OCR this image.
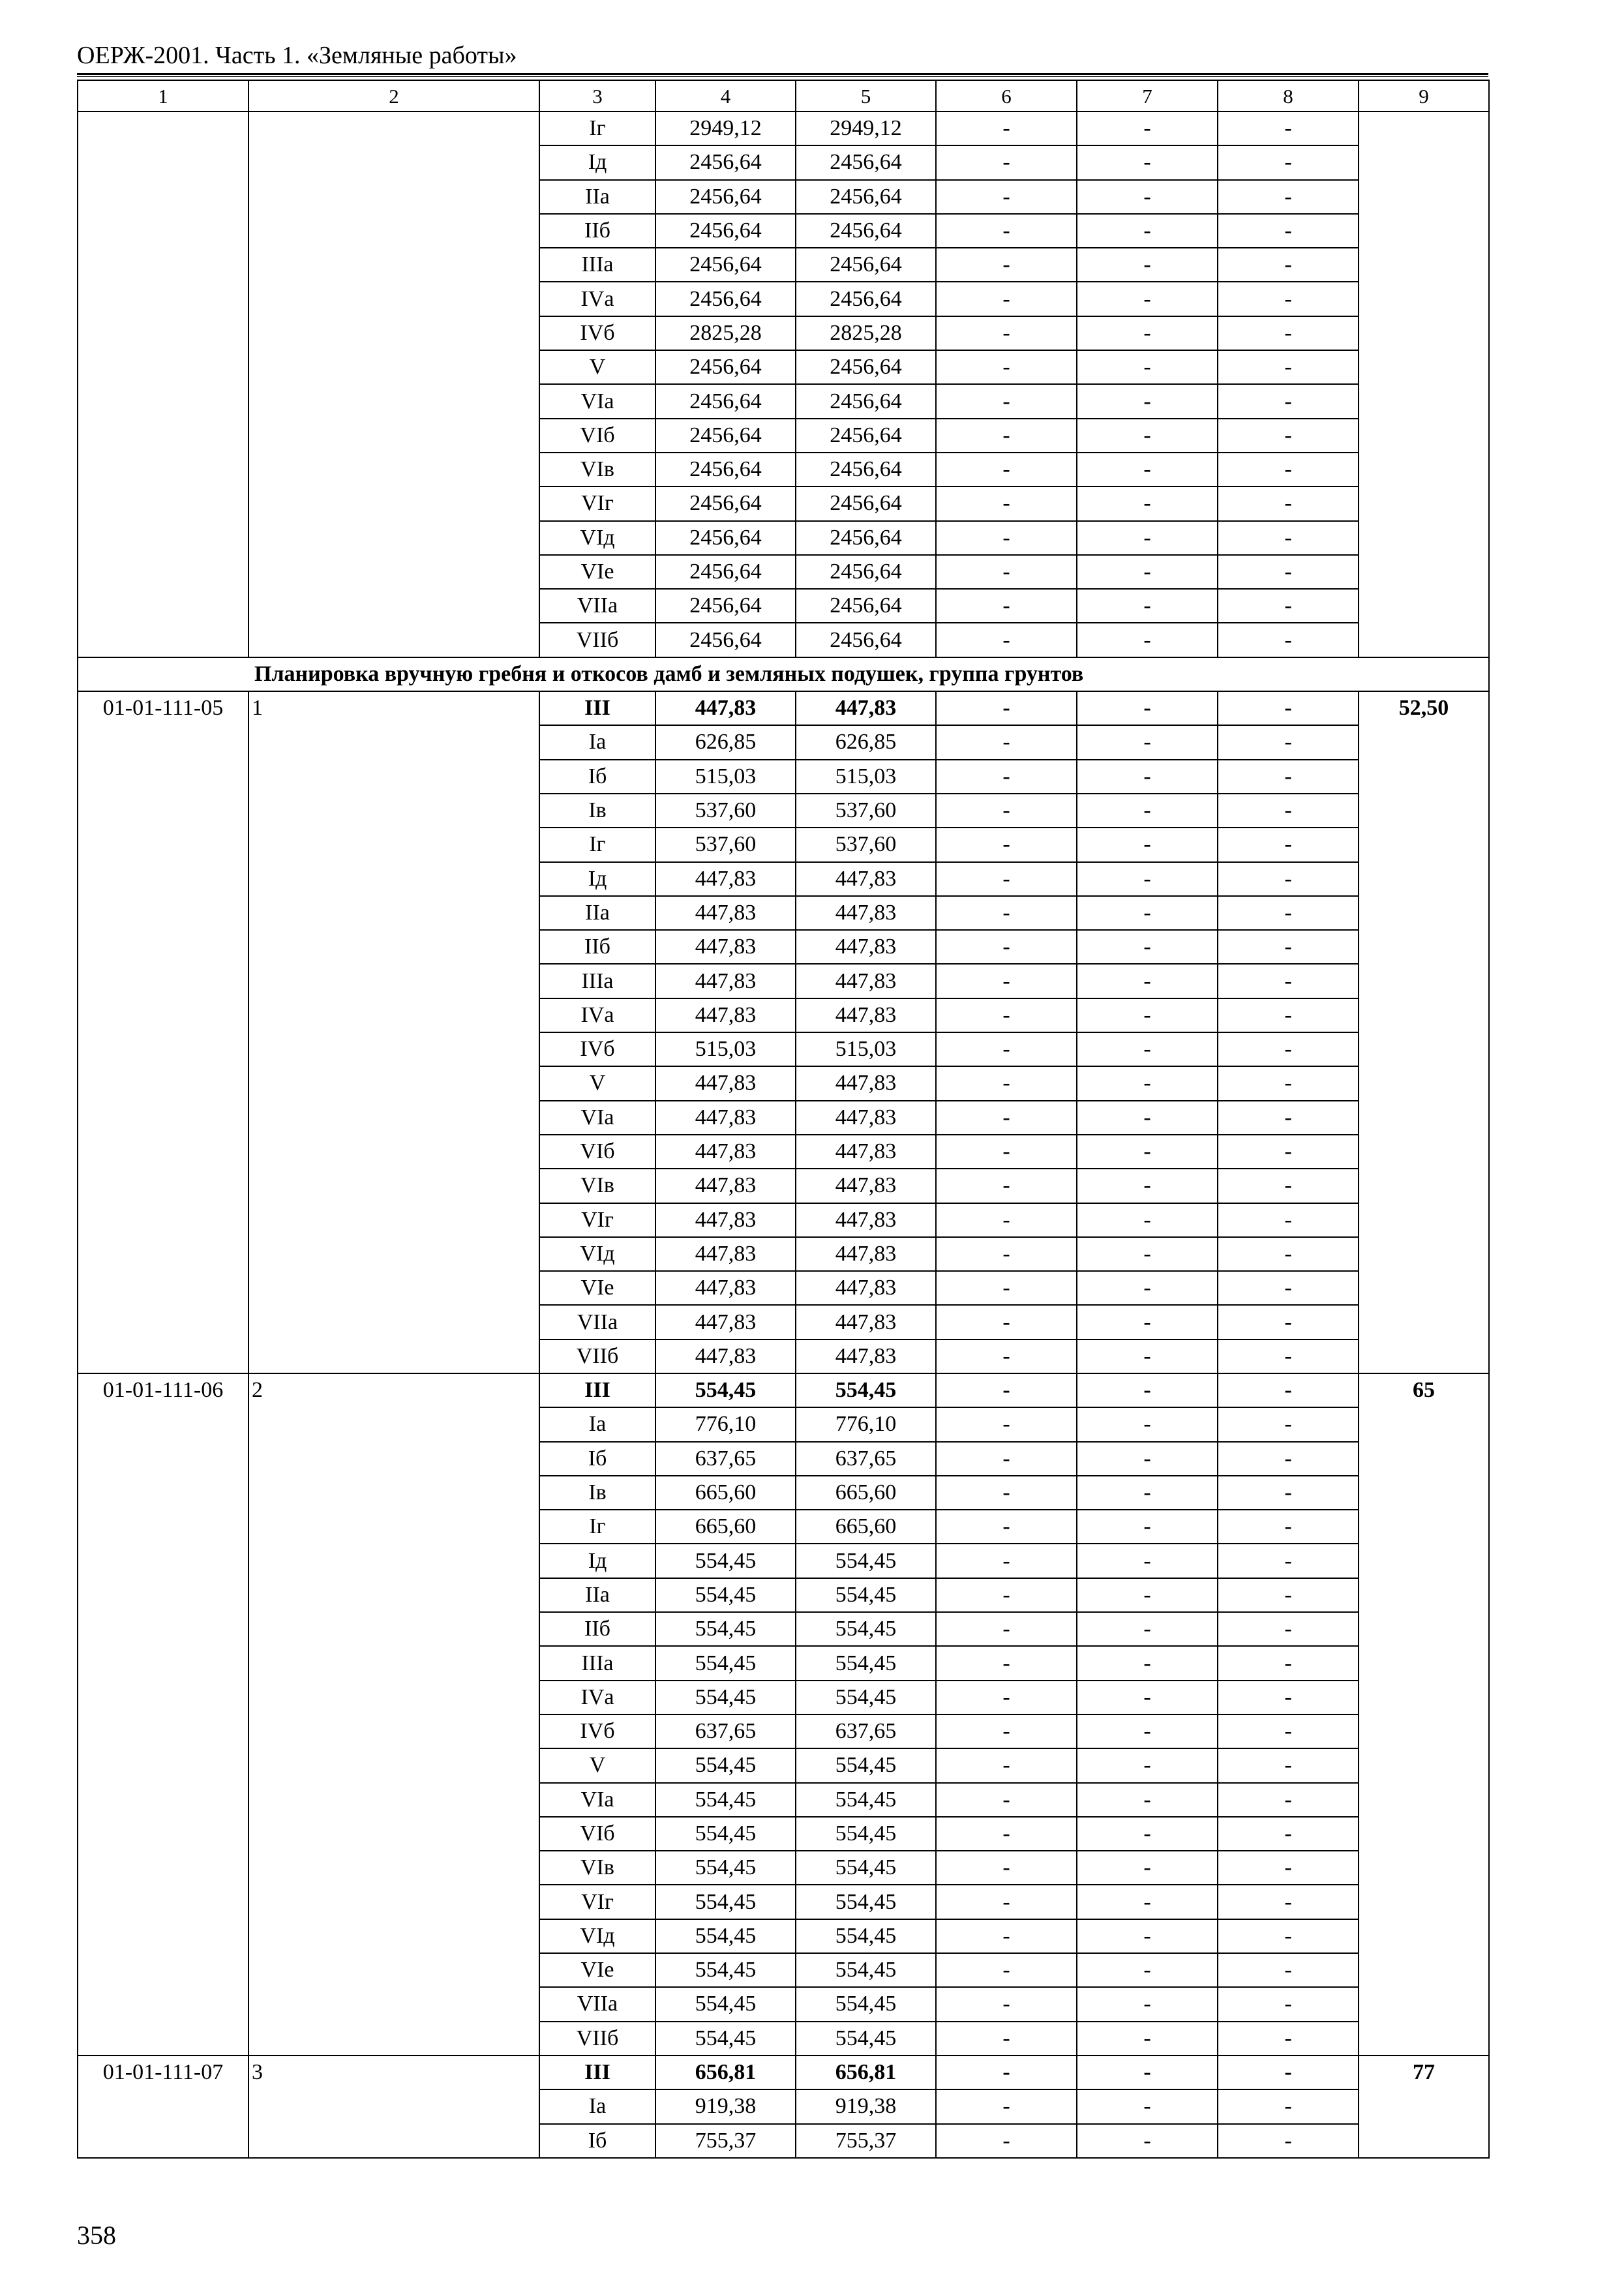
ОЕРЖ-2001. Часть 1. «Земляные работы»
1	2	3	4	5	6	7	8	9
		Iг	2949,12	2949,12	-	-	-	
		Iд	2456,64	2456,64	-	-	-	
		IIа	2456,64	2456,64	-	-	-	
		IIб	2456,64	2456,64	-	-	-	
		IIIа	2456,64	2456,64	-	-	-	
		IVа	2456,64	2456,64	-	-	-	
		IVб	2825,28	2825,28	-	-	-	
		V	2456,64	2456,64	-	-	-	
		VIа	2456,64	2456,64	-	-	-	
		VIб	2456,64	2456,64	-	-	-	
		VIв	2456,64	2456,64	-	-	-	
		VIг	2456,64	2456,64	-	-	-	
		VIд	2456,64	2456,64	-	-	-	
		VIе	2456,64	2456,64	-	-	-	
		VIIа	2456,64	2456,64	-	-	-	
		VIIб	2456,64	2456,64	-	-	-	
Планировка вручную гребня и откосов дамб и земляных подушек, группа грунтов								
01-01-111-05	1	III	447,83	447,83	-	-	-	52,50
		Iа	626,85	626,85	-	-	-	
		Iб	515,03	515,03	-	-	-	
		Iв	537,60	537,60	-	-	-	
		Iг	537,60	537,60	-	-	-	
		Iд	447,83	447,83	-	-	-	
		IIа	447,83	447,83	-	-	-	
		IIб	447,83	447,83	-	-	-	
		IIIа	447,83	447,83	-	-	-	
		IVа	447,83	447,83	-	-	-	
		IVб	515,03	515,03	-	-	-	
		V	447,83	447,83	-	-	-	
		VIа	447,83	447,83	-	-	-	
		VIб	447,83	447,83	-	-	-	
		VIв	447,83	447,83	-	-	-	
		VIг	447,83	447,83	-	-	-	
		VIд	447,83	447,83	-	-	-	
		VIе	447,83	447,83	-	-	-	
		VIIа	447,83	447,83	-	-	-	
		VIIб	447,83	447,83	-	-	-	
01-01-111-06	2	III	554,45	554,45	-	-	-	65
		Iа	776,10	776,10	-	-	-	
		Iб	637,65	637,65	-	-	-	
		Iв	665,60	665,60	-	-	-	
		Iг	665,60	665,60	-	-	-	
		Iд	554,45	554,45	-	-	-	
		IIа	554,45	554,45	-	-	-	
		IIб	554,45	554,45	-	-	-	
		IIIа	554,45	554,45	-	-	-	
		IVа	554,45	554,45	-	-	-	
		IVб	637,65	637,65	-	-	-	
		V	554,45	554,45	-	-	-	
		VIа	554,45	554,45	-	-	-	
		VIб	554,45	554,45	-	-	-	
		VIв	554,45	554,45	-	-	-	
		VIг	554,45	554,45	-	-	-	
		VIд	554,45	554,45	-	-	-	
		VIе	554,45	554,45	-	-	-	
		VIIа	554,45	554,45	-	-	-	
		VIIб	554,45	554,45	-	-	-	
01-01-111-07	3	III	656,81	656,81	-	-	-	77
		Iа	919,38	919,38	-	-	-	
		Iб	755,37	755,37	-	-	-	
358
